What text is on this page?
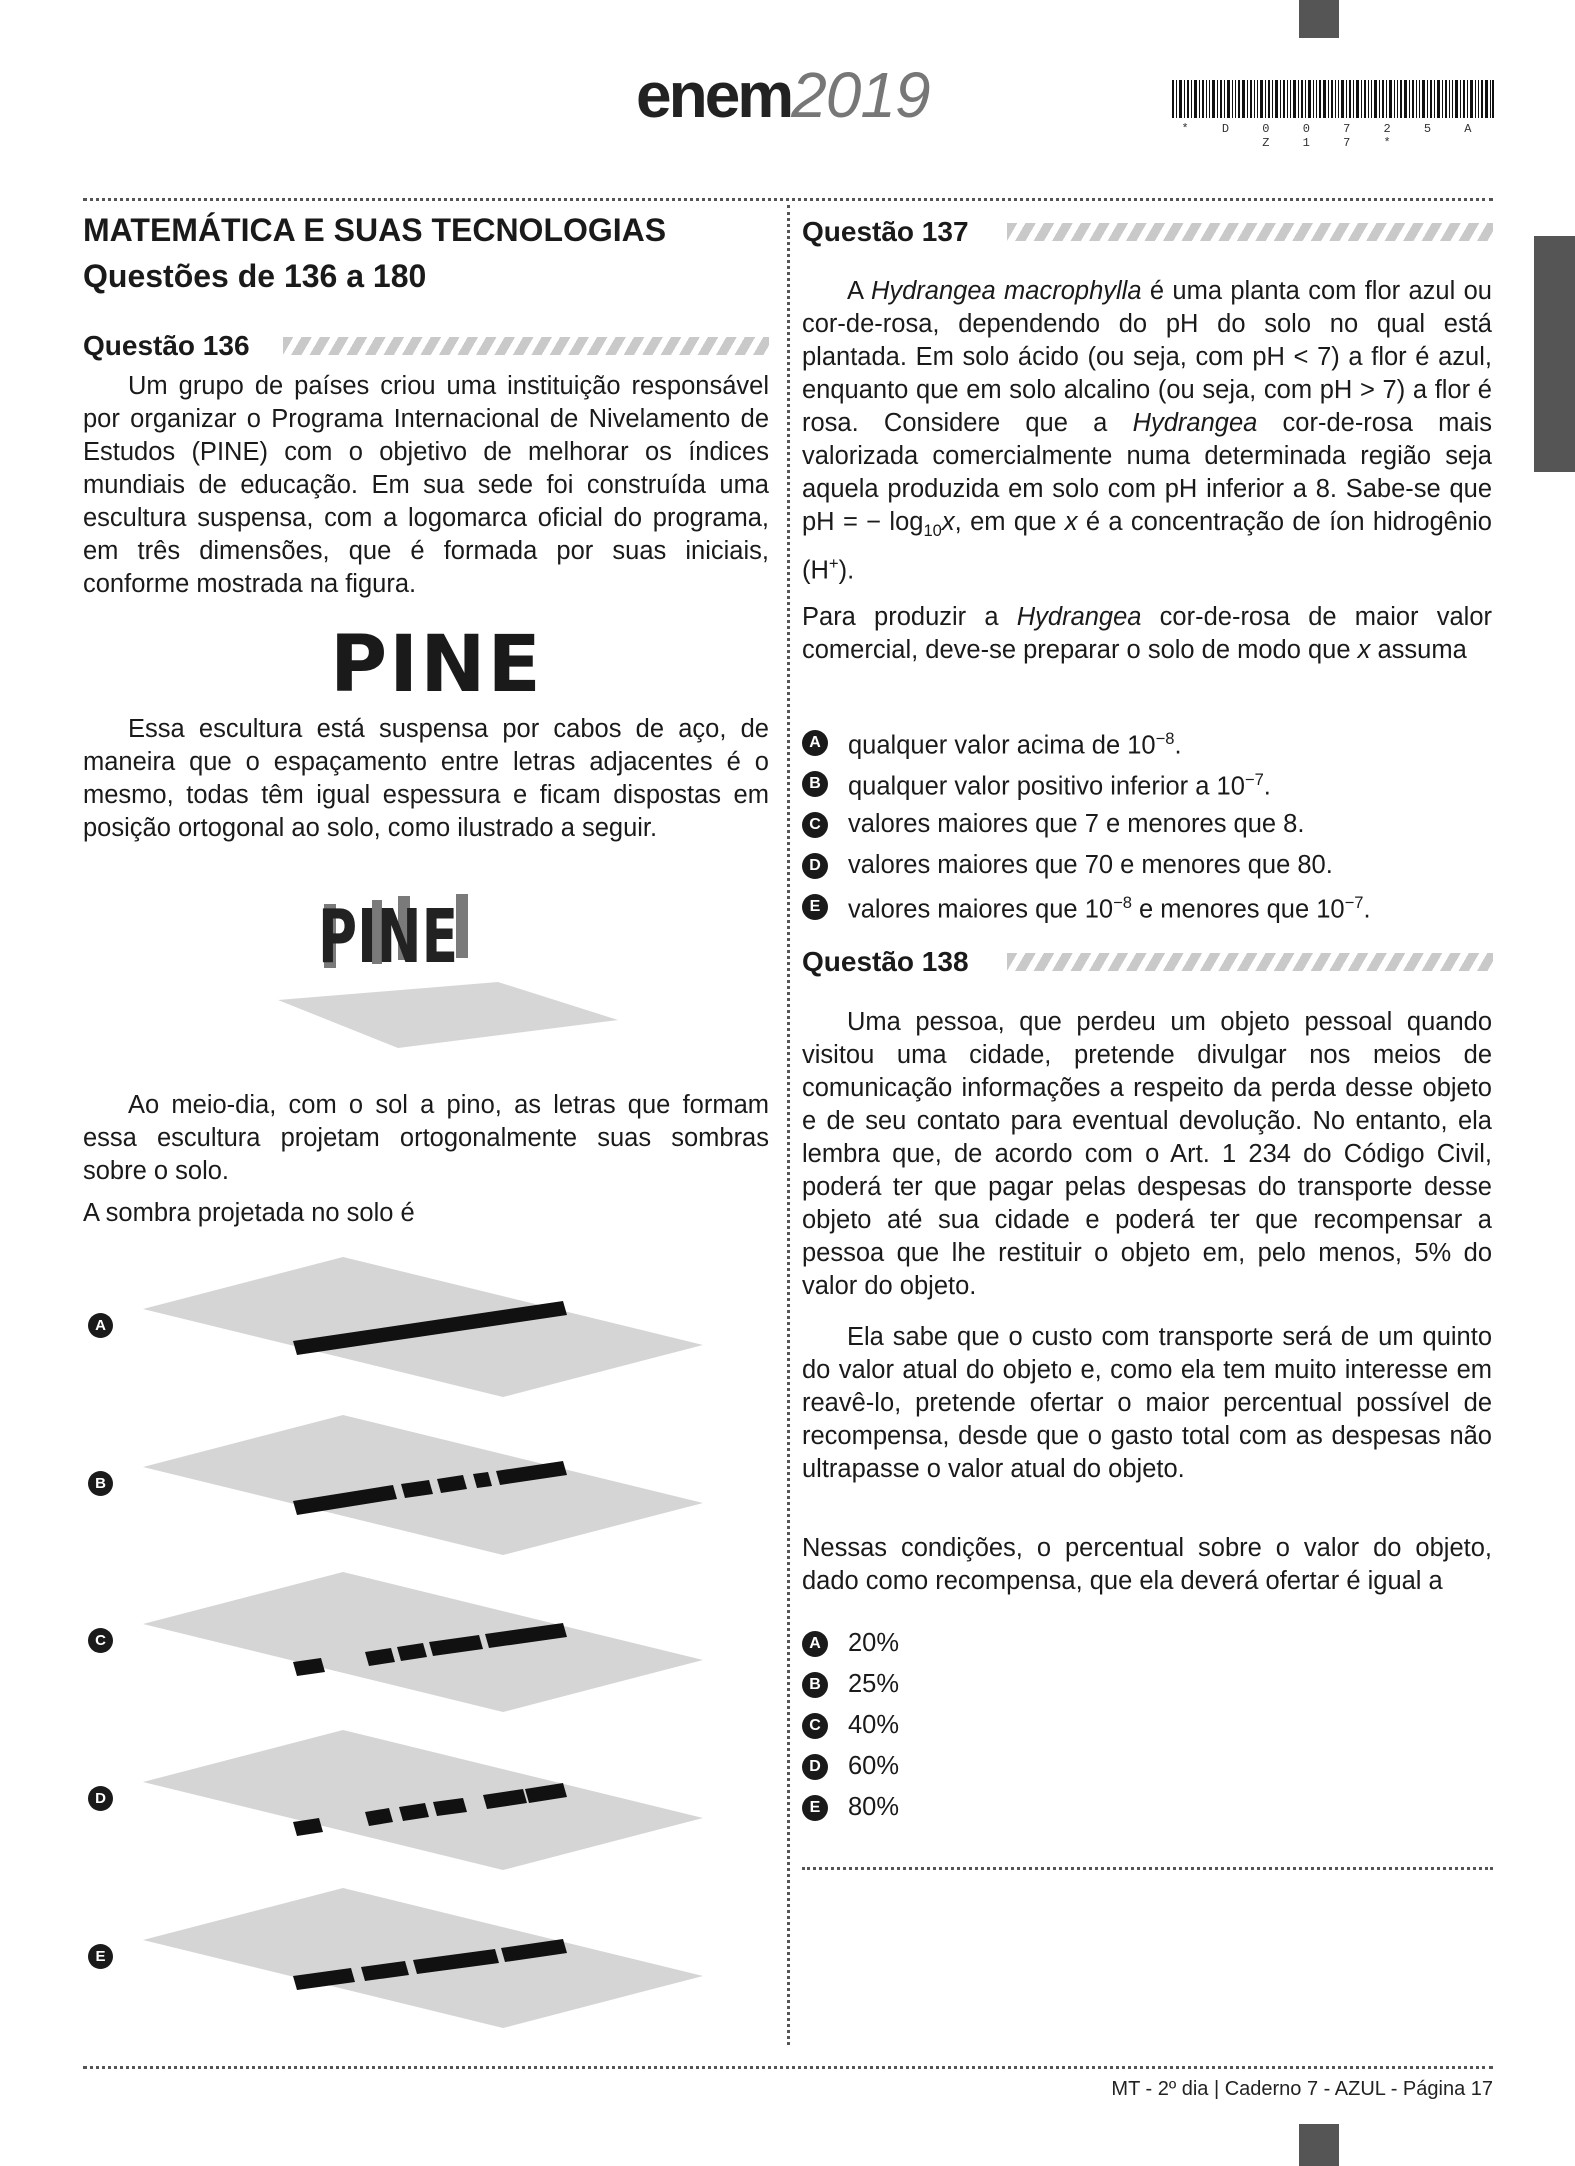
enem2019	* D 0 0 7 2 5 A Z 1 7 *
MATEMÁTICA E SUAS TECNOLOGIAS
Questões de 136 a 180
Questão 136
Um grupo de países criou uma instituição responsável por organizar o Programa Internacional de Nivelamento de Estudos (PINE) com o objetivo de melhorar os índices mundiais de educação. Em sua sede foi construída uma escultura suspensa, com a logomarca oficial do programa, em três dimensões, que é formada por suas iniciais, conforme mostrada na figura.
PINE
Essa escultura está suspensa por cabos de aço, de maneira que o espaçamento entre letras adjacentes é o mesmo, todas têm igual espessura e ficam dispostas em posição ortogonal ao solo, como ilustrado a seguir.
PINE
Ao meio-dia, com o sol a pino, as letras que formam essa escultura projetam ortogonalmente suas sombras sobre o solo.
A sombra projetada no solo é
A
B
C
D
E
Questão 137
A Hydrangea macrophylla é uma planta com flor azul ou cor-de-rosa, dependendo do pH do solo no qual está plantada. Em solo ácido (ou seja, com pH < 7) a flor é azul, enquanto que em solo alcalino (ou seja, com pH > 7) a flor é rosa. Considere que a Hydrangea cor-de-rosa mais valorizada comercialmente numa determinada região seja aquela produzida em solo com pH inferior a 8. Sabe-se que pH = − $\log_{10}x$, em que x é a concentração de íon hidrogênio (H+).
Para produzir a Hydrangea cor-de-rosa de maior valor comercial, deve-se preparar o solo de modo que x assuma
A qualquer valor acima de $10^{-8}$.
B qualquer valor positivo inferior a $10^{-7}$.
C valores maiores que 7 e menores que 8.
D valores maiores que 70 e menores que 80.
E	valores maiores que $10^{-8}$ e menores que $10^{-7}$.
Questão 138
Uma pessoa, que perdeu um objeto pessoal quando visitou uma cidade, pretende divulgar nos meios de comunicação informações a respeito da perda desse objeto e de seu contato para eventual devolução. No entanto, ela lembra que, de acordo com o Art. 1 234 do Código Civil, poderá ter que pagar pelas despesas do transporte desse objeto até sua cidade e poderá ter que recompensar a pessoa que lhe restituir o objeto em, pelo menos, 5% do valor do objeto.
Ela sabe que o custo com transporte será de um quinto do valor atual do objeto e, como ela tem muito interesse em reavê-lo, pretende ofertar o maior percentual possível de recompensa, desde que o gasto total com as despesas não ultrapasse o valor atual do objeto.
Nessas condições, o percentual sobre o valor do objeto, dado como recompensa, que ela deverá ofertar é igual a
A 20%
B 25%
C 40%
D 60%
E	80%
MT - 2º dia | Caderno 7 - AZUL - Página 17
